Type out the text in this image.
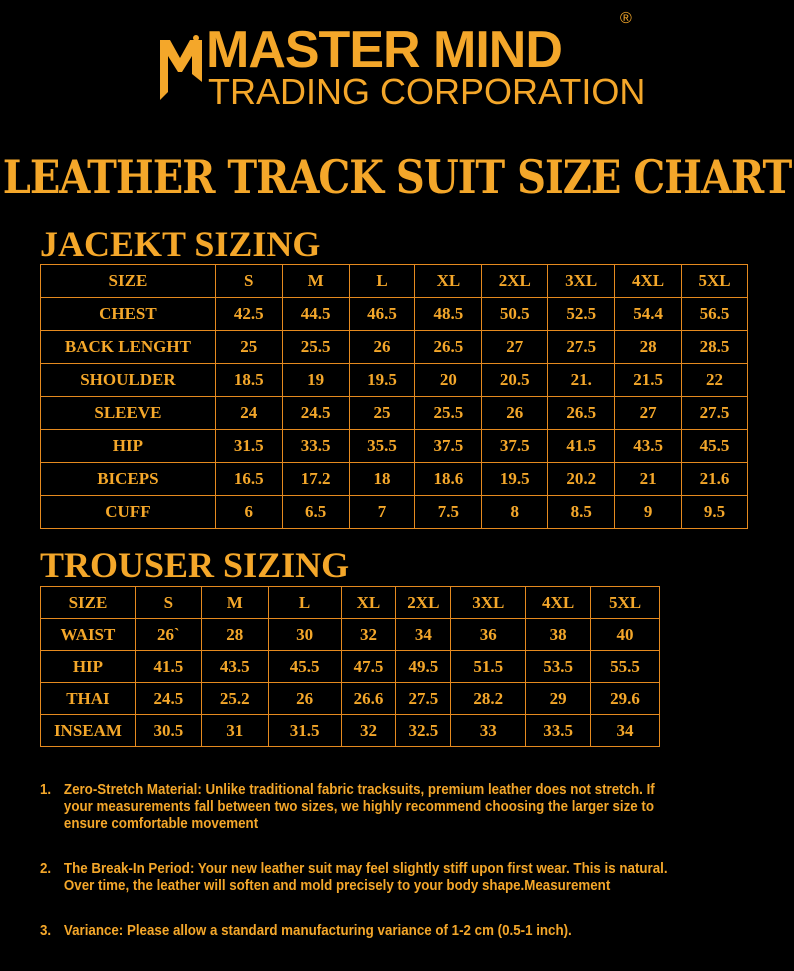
MASTER MIND
®
TRADING CORPORATION
LEATHER TRACK SUIT SIZE CHART
JACEKT SIZING
SIZE	S	M	L	XL	2XL	3XL	4XL	5XL
CHEST	42.5	44.5	46.5	48.5	50.5	52.5	54.4	56.5
BACK LENGHT	25	25.5	26	26.5	27	27.5	28	28.5
SHOULDER	18.5	19	19.5	20	20.5	21.	21.5	22
SLEEVE	24	24.5	25	25.5	26	26.5	27	27.5
HIP	31.5	33.5	35.5	37.5	37.5	41.5	43.5	45.5
BICEPS	16.5	17.2	18	18.6	19.5	20.2	21	21.6
CUFF	6	6.5	7	7.5	8	8.5	9	9.5
TROUSER SIZING
SIZE	S	M	L	XL	2XL	3XL	4XL	5XL
WAIST	26`	28	30	32	34	36	38	40
HIP	41.5	43.5	45.5	47.5	49.5	51.5	53.5	55.5
THAI	24.5	25.2	26	26.6	27.5	28.2	29	29.6
INSEAM	30.5	31	31.5	32	32.5	33	33.5	34
1. Zero-Stretch Material: Unlike traditional fabric tracksuits, premium leather does not stretch. If your measurements fall between two sizes, we highly recommend choosing the larger size to ensure comfortable movement
2. The Break-In Period: Your new leather suit may feel slightly stiff upon first wear. This is natural. Over time, the leather will soften and mold precisely to your body shape.Measurement
3. Variance: Please allow a standard manufacturing variance of 1-2 cm (0.5-1 inch).
